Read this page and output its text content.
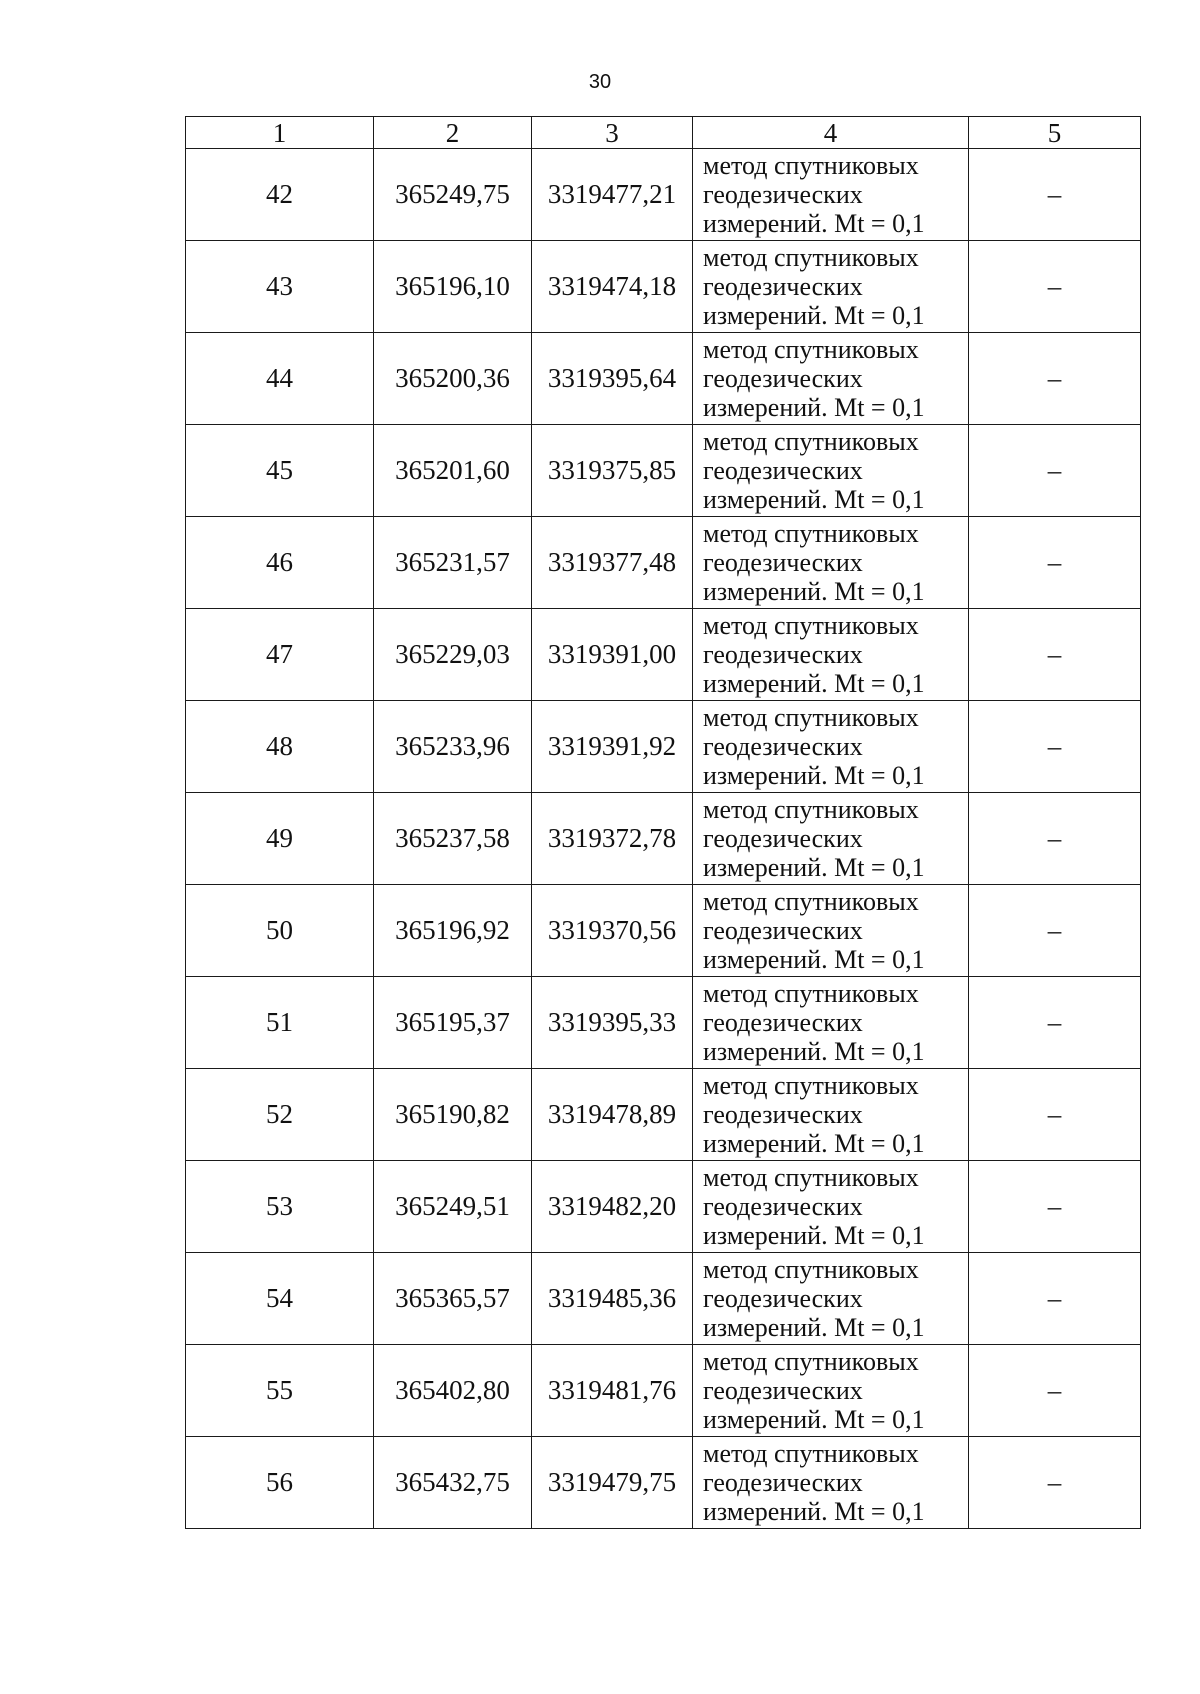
30
1	2	3	4	5
42	365249,75	3319477,21	метод спутниковых
геодезических
измерений. Mt = 0,1	–
43	365196,10	3319474,18	метод спутниковых
геодезических
измерений. Mt = 0,1	–
44	365200,36	3319395,64	метод спутниковых
геодезических
измерений. Mt = 0,1	–
45	365201,60	3319375,85	метод спутниковых
геодезических
измерений. Mt = 0,1	–
46	365231,57	3319377,48	метод спутниковых
геодезических
измерений. Mt = 0,1	–
47	365229,03	3319391,00	метод спутниковых
геодезических
измерений. Mt = 0,1	–
48	365233,96	3319391,92	метод спутниковых
геодезических
измерений. Mt = 0,1	–
49	365237,58	3319372,78	метод спутниковых
геодезических
измерений. Mt = 0,1	–
50	365196,92	3319370,56	метод спутниковых
геодезических
измерений. Mt = 0,1	–
51	365195,37	3319395,33	метод спутниковых
геодезических
измерений. Mt = 0,1	–
52	365190,82	3319478,89	метод спутниковых
геодезических
измерений. Mt = 0,1	–
53	365249,51	3319482,20	метод спутниковых
геодезических
измерений. Mt = 0,1	–
54	365365,57	3319485,36	метод спутниковых
геодезических
измерений. Mt = 0,1	–
55	365402,80	3319481,76	метод спутниковых
геодезических
измерений. Mt = 0,1	–
56	365432,75	3319479,75	метод спутниковых
геодезических
измерений. Mt = 0,1	–
